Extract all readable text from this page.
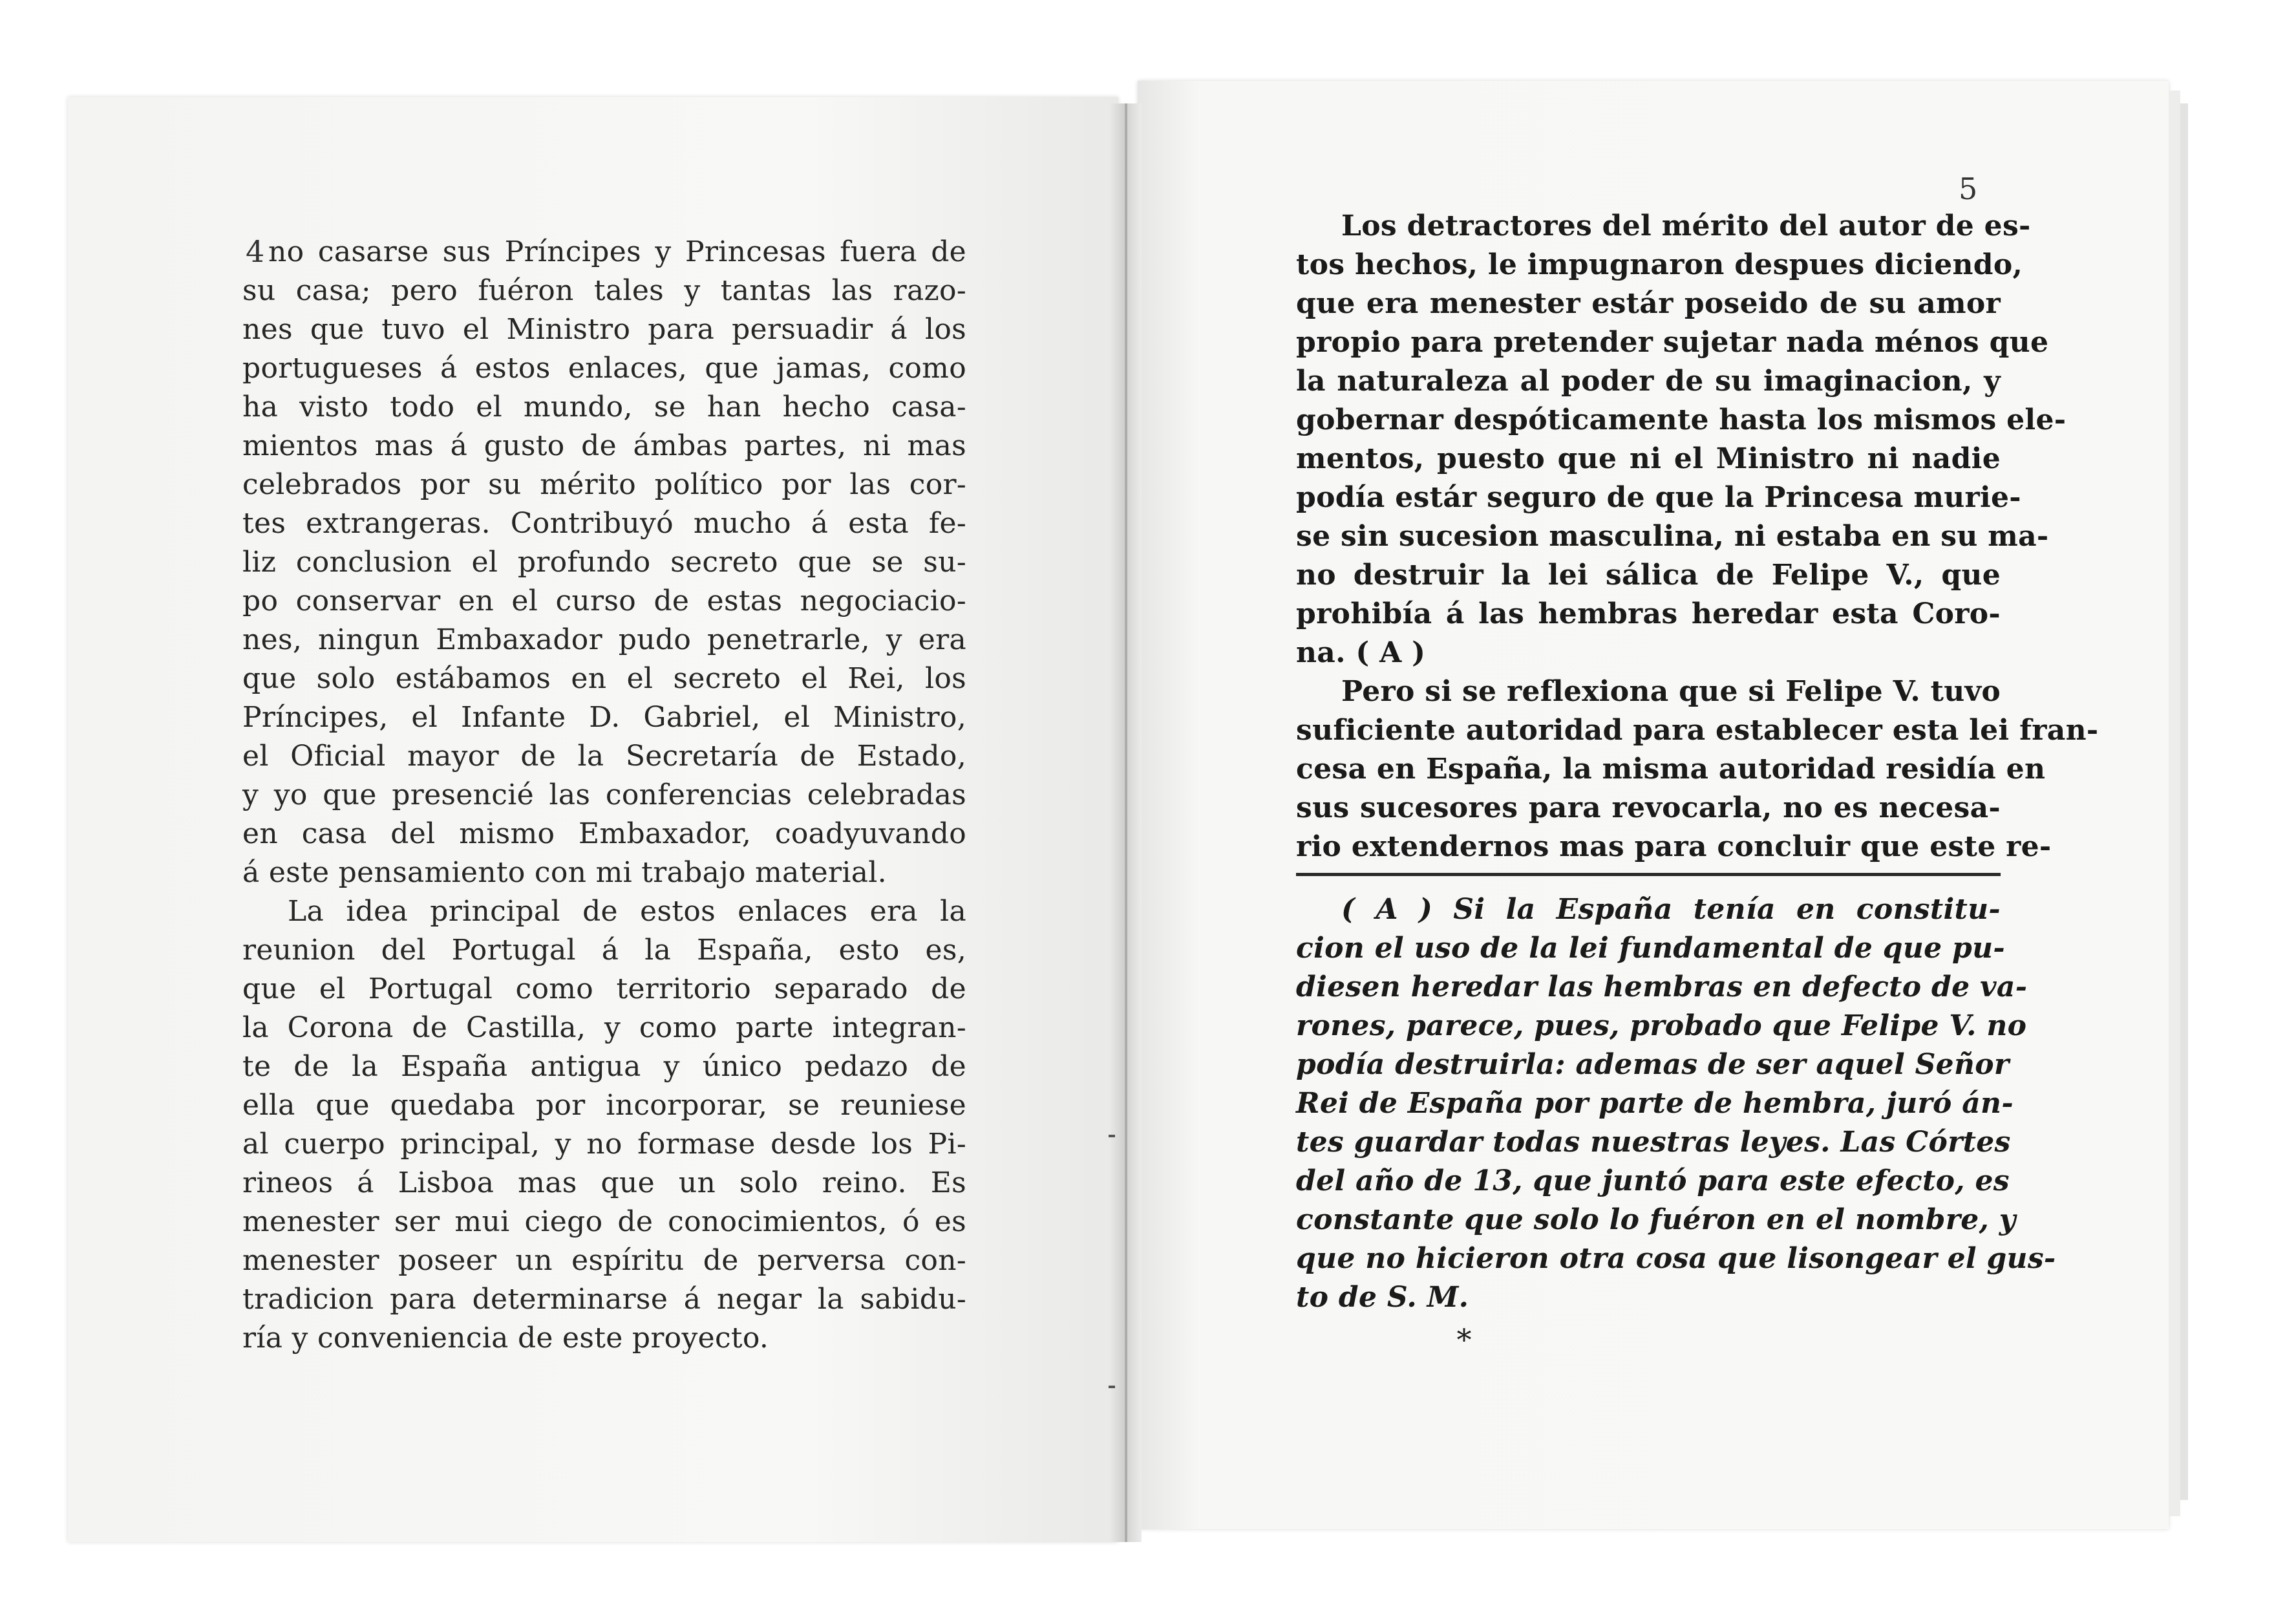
4
5
no casarse sus Príncipes y Princesas fuera de
su casa; pero fuéron tales y tantas las razo-
nes que tuvo el Ministro para persuadir á los
portugueses á estos enlaces, que jamas, como
ha visto todo el mundo, se han hecho casa-
mientos mas á gusto de ámbas partes, ni mas
celebrados por su mérito político por las cor-
tes extrangeras. Contribuyó mucho á esta fe-
liz conclusion el profundo secreto que se su-
po conservar en el curso de estas negociacio-
nes, ningun Embaxador pudo penetrarle, y era
que solo estábamos en el secreto el Rei, los
Príncipes, el Infante D. Gabriel, el Ministro,
el Oficial mayor de la Secretaría de Estado,
y yo que presencié las conferencias celebradas
en casa del mismo Embaxador, coadyuvando
á este pensamiento con mi trabajo material.
La idea principal de estos enlaces era la
reunion del Portugal á la España, esto es,
que el Portugal como territorio separado de
la Corona de Castilla, y como parte integran-
te de la España antigua y único pedazo de
ella que quedaba por incorporar, se reuniese
al cuerpo principal, y no formase desde los Pi-
rineos á Lisboa mas que un solo reino. Es
menester ser mui ciego de conocimientos, ó es
menester poseer un espíritu de perversa con-
tradicion para determinarse á negar la sabidu-
ría y conveniencia de este proyecto.
Los detractores del mérito del autor de es-
tos hechos, le impugnaron despues diciendo,
que era menester estár poseido de su amor
propio para pretender sujetar nada ménos que
la naturaleza al poder de su imaginacion, y
gobernar despóticamente hasta los mismos ele-
mentos, puesto que ni el Ministro ni nadie
podía estár seguro de que la Princesa murie-
se sin sucesion masculina, ni estaba en su ma-
no destruir la lei sálica de Felipe V., que
prohibía á las hembras heredar esta Coro-
na. ( A )
Pero si se reflexiona que si Felipe V. tuvo
suficiente autoridad para establecer esta lei fran-
cesa en España, la misma autoridad residía en
sus sucesores para revocarla, no es necesa-
rio extendernos mas para concluir que este re-
( A ) Si la España tenía en constitu-
cion el uso de la lei fundamental de que pu-
diesen heredar las hembras en defecto de va-
rones, parece, pues, probado que Felipe V. no
podía destruirla: ademas de ser aquel Señor
Rei de España por parte de hembra, juró án-
tes guardar todas nuestras leyes. Las Córtes
del año de 13, que juntó para este efecto, es
constante que solo lo fuéron en el nombre, y
que no hicieron otra cosa que lisongear el gus-
to de S. M.
*
